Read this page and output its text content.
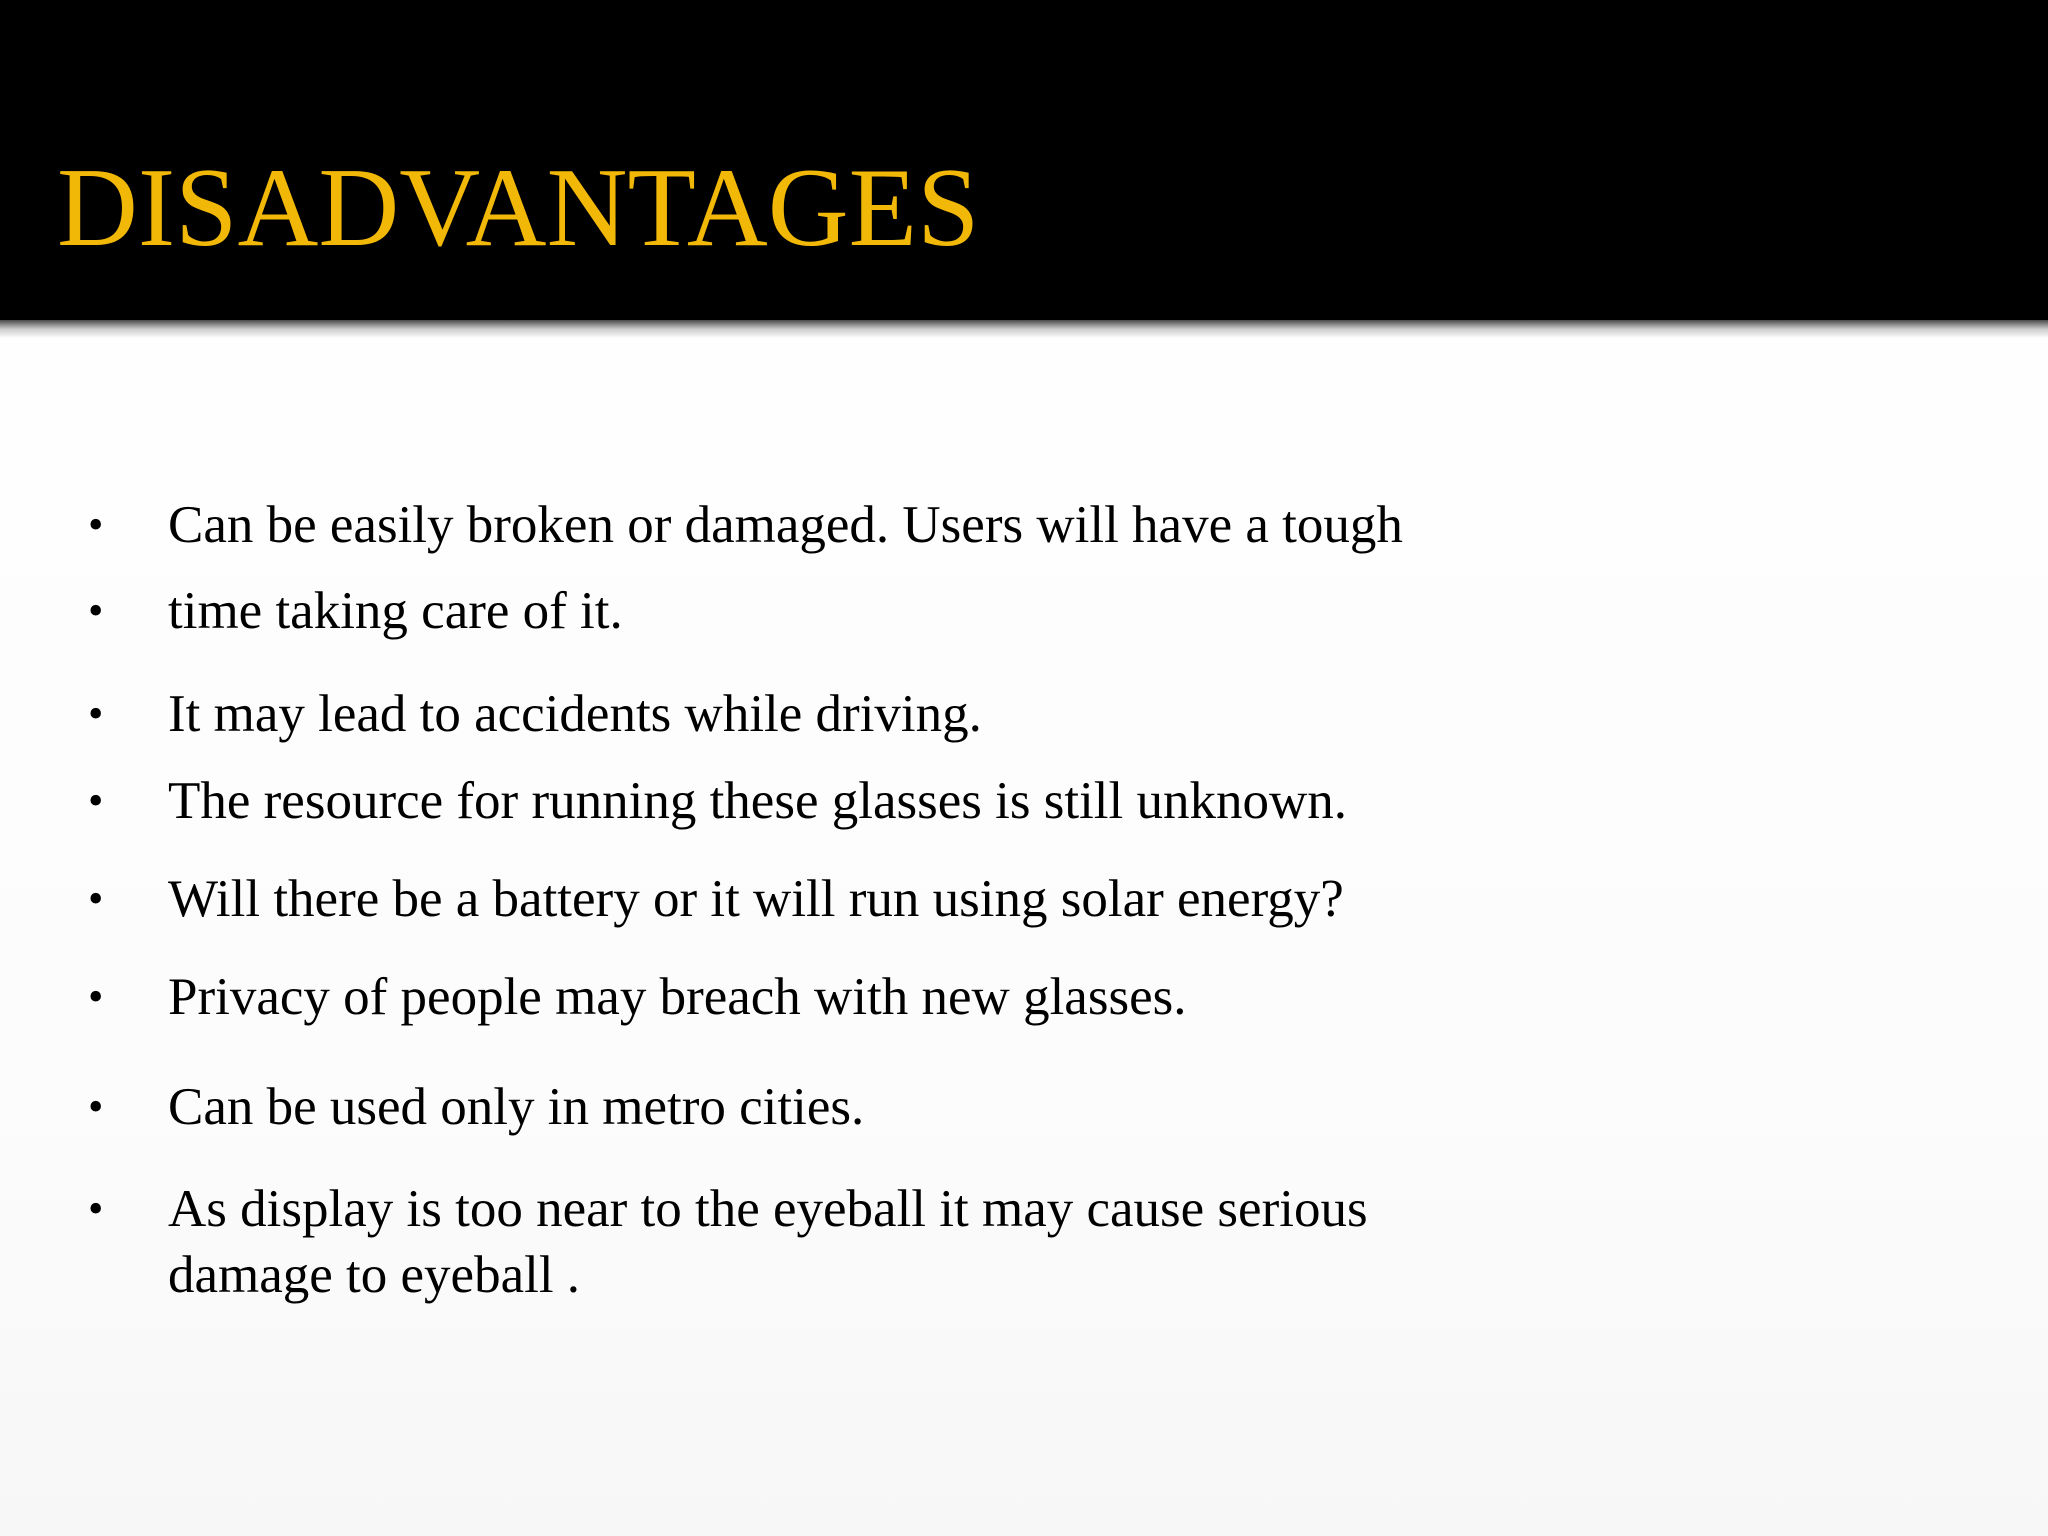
DISADVANTAGES
• Can be easily broken or damaged. Users will have a tough
• time taking care of it.
• It may lead to accidents while driving.
• The resource for running these glasses is still unknown.
• Will there be a battery or it will run using solar energy?
• Privacy of people may breach with new glasses.
• Can be used only in metro cities.
• As display is too near to the eyeball it may cause serious
damage to eyeball .
